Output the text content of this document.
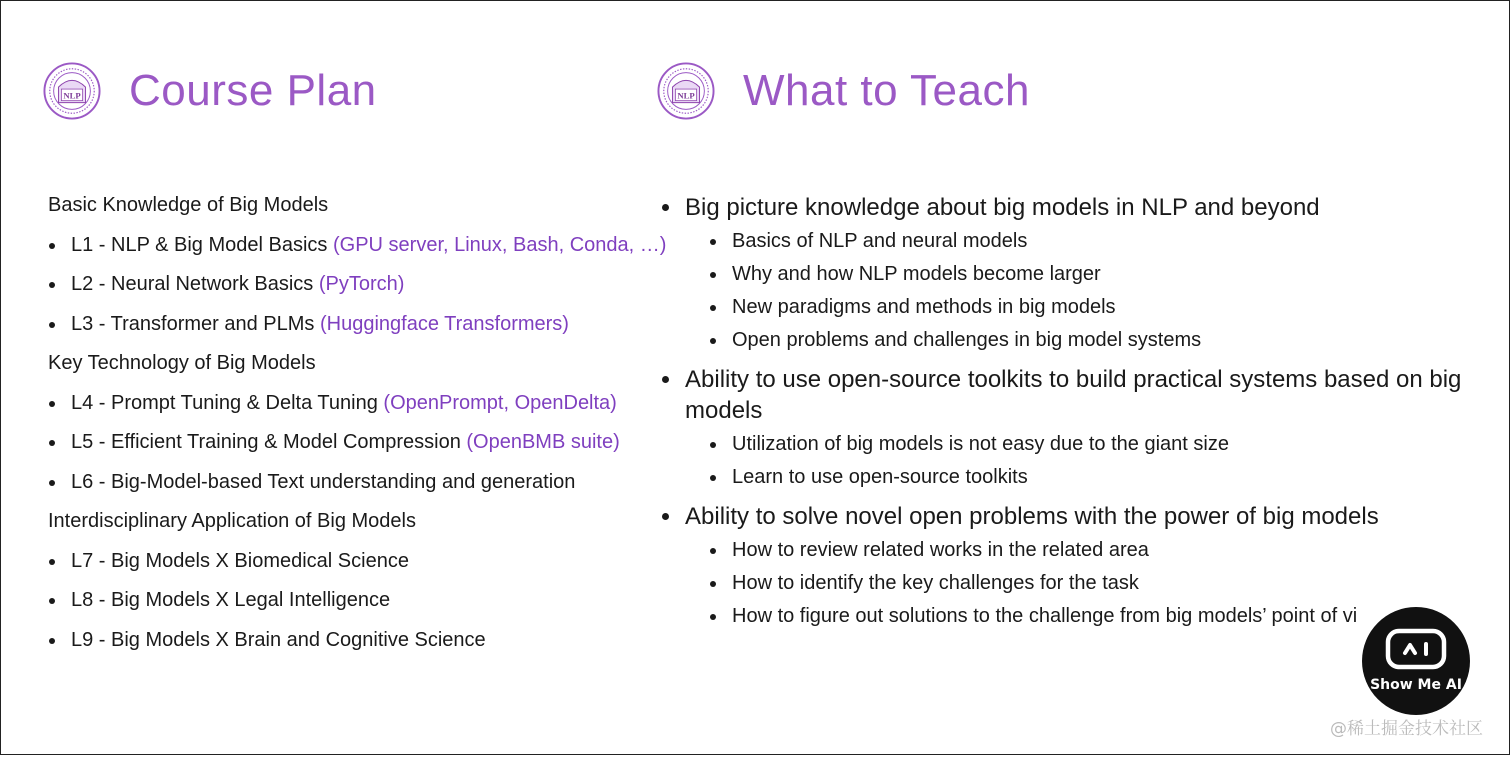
NLP Course Plan
Basic Knowledge of Big Models
L1 - NLP & Big Model Basics (GPU server, Linux, Bash, Conda, …)
L2 - Neural Network Basics (PyTorch)
L3 - Transformer and PLMs (Huggingface Transformers)
Key Technology of Big Models
L4 - Prompt Tuning & Delta Tuning (OpenPrompt, OpenDelta)
L5 - Efficient Training & Model Compression (OpenBMB suite)
L6 - Big-Model-based Text understanding and generation
Interdisciplinary Application of Big Models
L7 - Big Models X Biomedical Science
L8 - Big Models X Legal Intelligence
L9 - Big Models X Brain and Cognitive Science
NLP What to Teach
Big picture knowledge about big models in NLP and beyond
Basics of NLP and neural models
Why and how NLP models become larger
New paradigms and methods in big models
Open problems and challenges in big model systems
Ability to use open-source toolkits to build practical systems based on big models
Utilization of big models is not easy due to the giant size
Learn to use open-source toolkits
Ability to solve novel open problems with the power of big models
How to review related works in the related area
How to identify the key challenges for the task
How to figure out solutions to the challenge from big models’ point of vi
Show Me AI
@稀土掘金技术社区
